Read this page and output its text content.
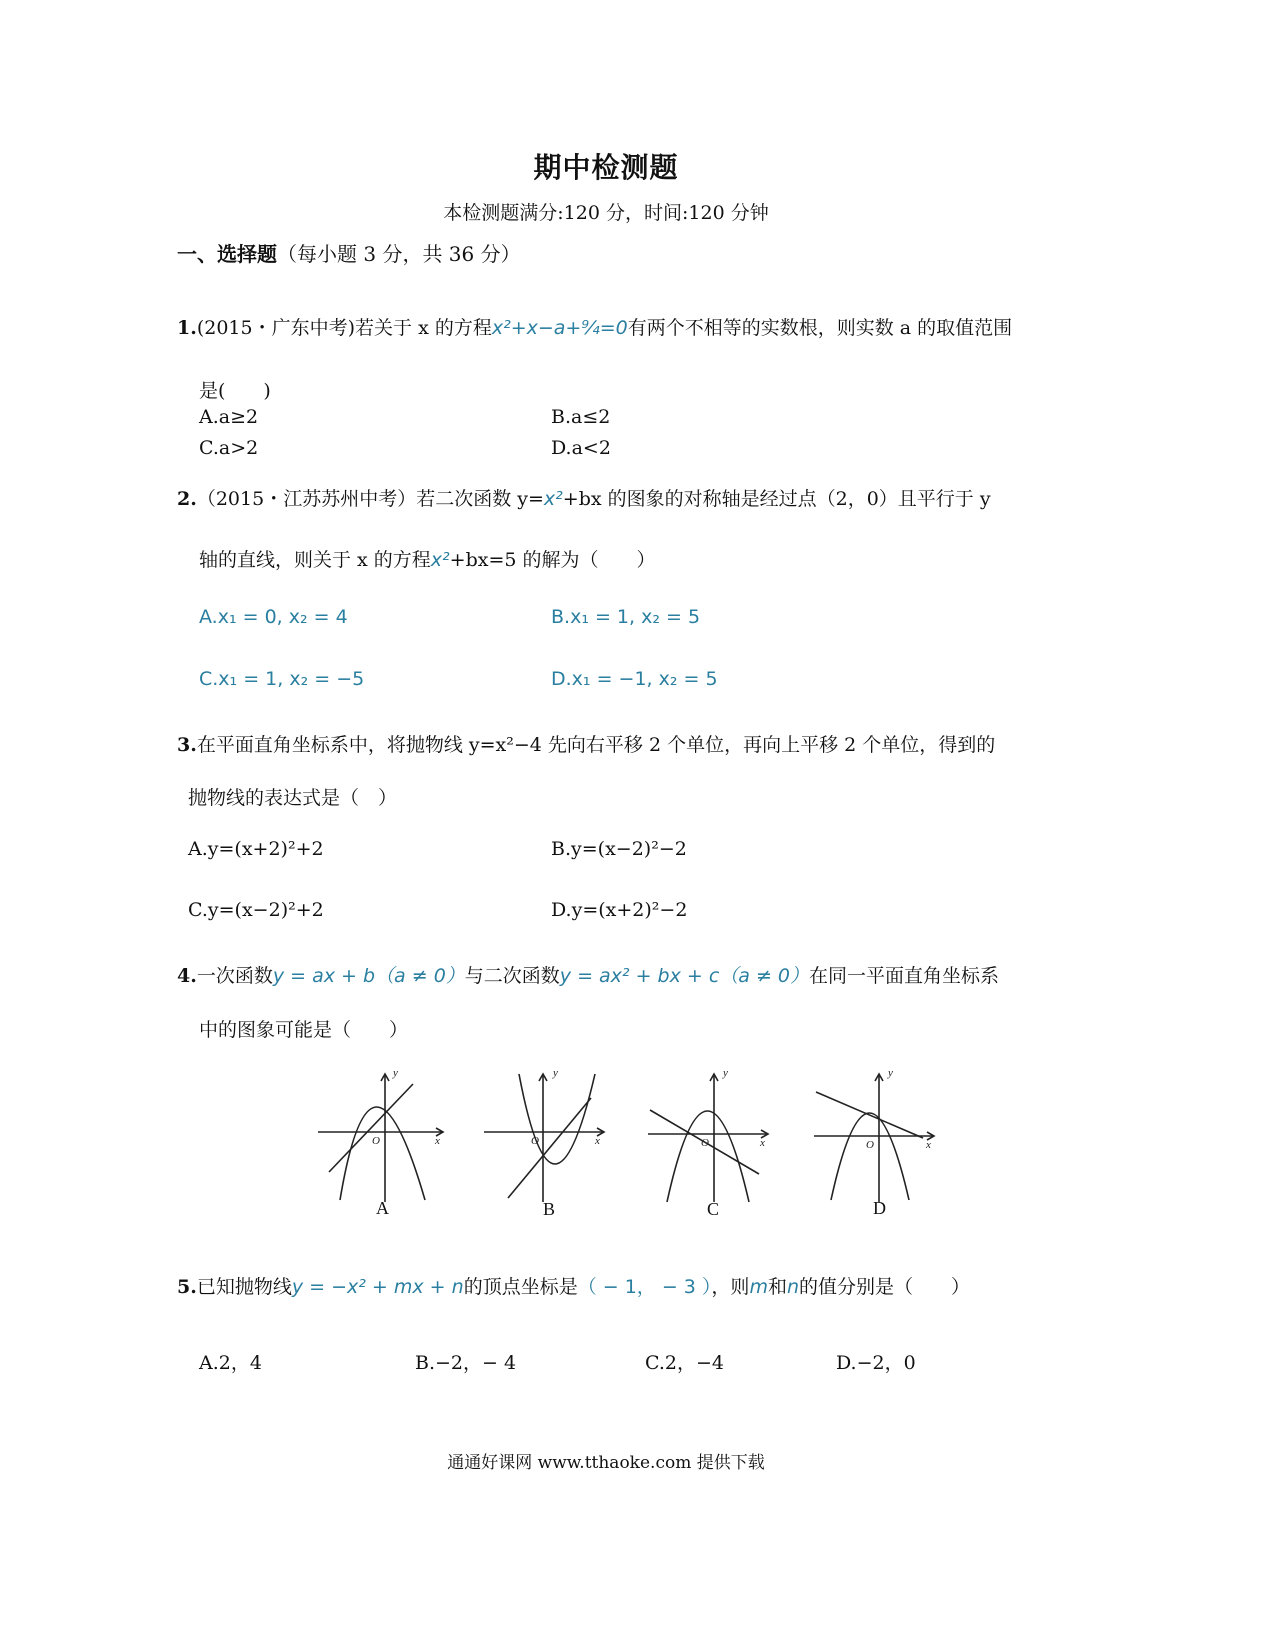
期中检测题
本检测题满分:120 分，时间:120 分钟
一、选择题（每小题 3 分，共 36 分）
1.(2015・广东中考)若关于 x 的方程x²+x−a+⁹⁄₄=0有两个不相等的实数根，则实数 a 的取值范围
是(　　)
A.a≥2	B.a≤2
C.a>2	D.a<2
2.（2015・江苏苏州中考）若二次函数 y=x²+bx 的图象的对称轴是经过点（2，0）且平行于 y
轴的直线，则关于 x 的方程x²+bx=5 的解为（　　）
A.x₁ = 0, x₂ = 4	B.x₁ = 1, x₂ = 5
C.x₁ = 1, x₂ = −5	D.x₁ = −1, x₂ = 5
3.在平面直角坐标系中，将抛物线 y=x²−4 先向右平移 2 个单位，再向上平移 2 个单位，得到的
抛物线的表达式是（　）
A.y=(x+2)²+2	B.y=(x−2)²−2
C.y=(x−2)²+2	D.y=(x+2)²−2
4.一次函数y = ax + b（a ≠ 0）与二次函数y = ax² + bx + c（a ≠ 0）在同一平面直角坐标系
中的图象可能是（　　）
y
x
O
y
x
O
y
x
O
y
x
O
A	B	C	D
5.已知抛物线y = −x² + mx + n的顶点坐标是（ − 1， − 3 ），则m和n的值分别是（　　）
A.2，4	B.−2，− 4	C.2，−4	D.−2，0
通通好课网 www.tthaoke.com 提供下载
